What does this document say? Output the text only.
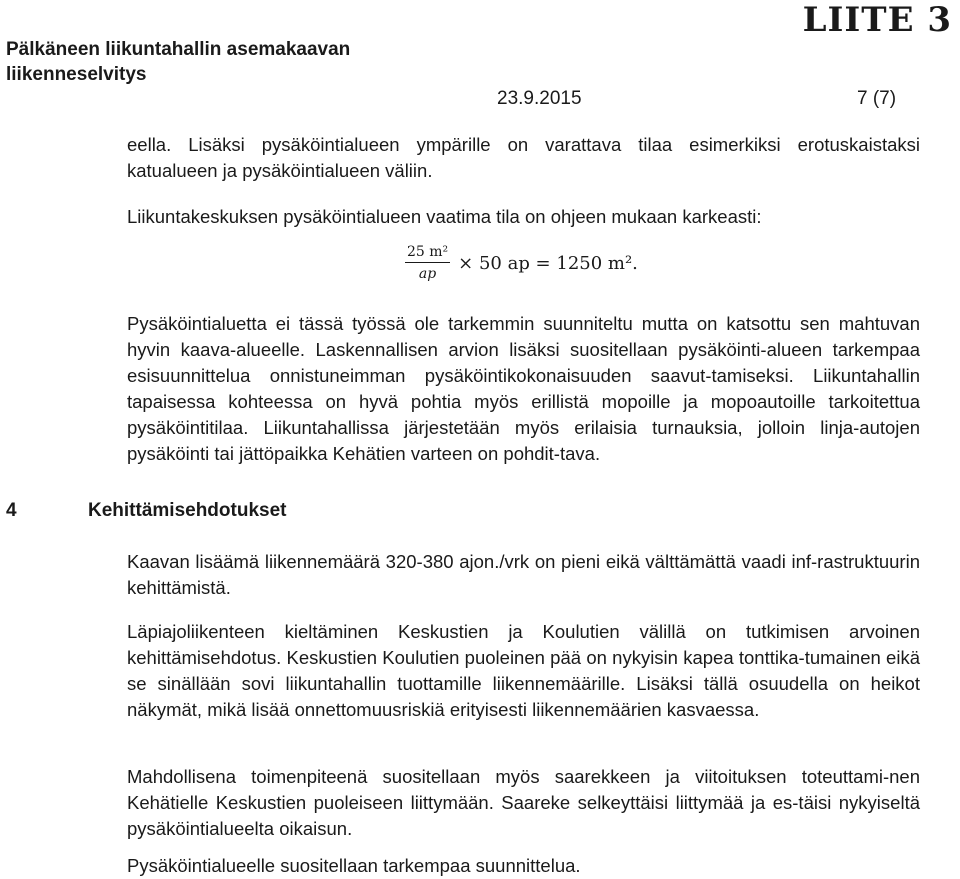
Pälkäneen liikuntahallin asemakaavan liikenneselvitys
LIITE 3
23.9.2015	7 (7)
eella. Lisäksi pysäköintialueen ympärille on varattava tilaa esimerkiksi erotuskaistaksi katualueen ja pysäköintialueen väliin.
Liikuntakeskuksen pysäköintialueen vaatima tila on ohjeen mukaan karkeasti:
$\frac{\text{25 m²}}{ap} \times 50$ ap = 1250 m².
Pysäköintialuetta ei tässä työssä ole tarkemmin suunniteltu mutta on katsottu sen mahtuvan hyvin kaava-alueelle. Laskennallisen arvion lisäksi suositellaan pysäköinti-alueen tarkempaa esisuunnittelua onnistuneimman pysäköintikokonaisuuden saavut-tamiseksi. Liikuntahallin tapaisessa kohteessa on hyvä pohtia myös erillistä mopoille ja mopoautoille tarkoitettua pysäköintitilaa. Liikuntahallissa järjestetään myös erilaisia turnauksia, jolloin linja-autojen pysäköinti tai jättöpaikka Kehätien varteen on pohdit-tava.
4	Kehittämisehdotukset
Kaavan lisäämä liikennemäärä 320-380 ajon./vrk on pieni eikä välttämättä vaadi inf-rastruktuurin kehittämistä.
Läpiajoliikenteen kieltäminen Keskustien ja Koulutien välillä on tutkimisen arvoinen kehittämisehdotus. Keskustien Koulutien puoleinen pää on nykyisin kapea tonttika-tumainen eikä se sinällään sovi liikuntahallin tuottamille liikennemäärille. Lisäksi tällä osuudella on heikot näkymät, mikä lisää onnettomuusriskiä erityisesti liikennemäärien kasvaessa.
Mahdollisena toimenpiteenä suositellaan myös saarekkeen ja viitoituksen toteuttami-nen Kehätielle Keskustien puoleiseen liittymään. Saareke selkeyttäisi liittymää ja es-täisi nykyiseltä pysäköintialueelta oikaisun.
Pysäköintialueelle suositellaan tarkempaa suunnittelua.
